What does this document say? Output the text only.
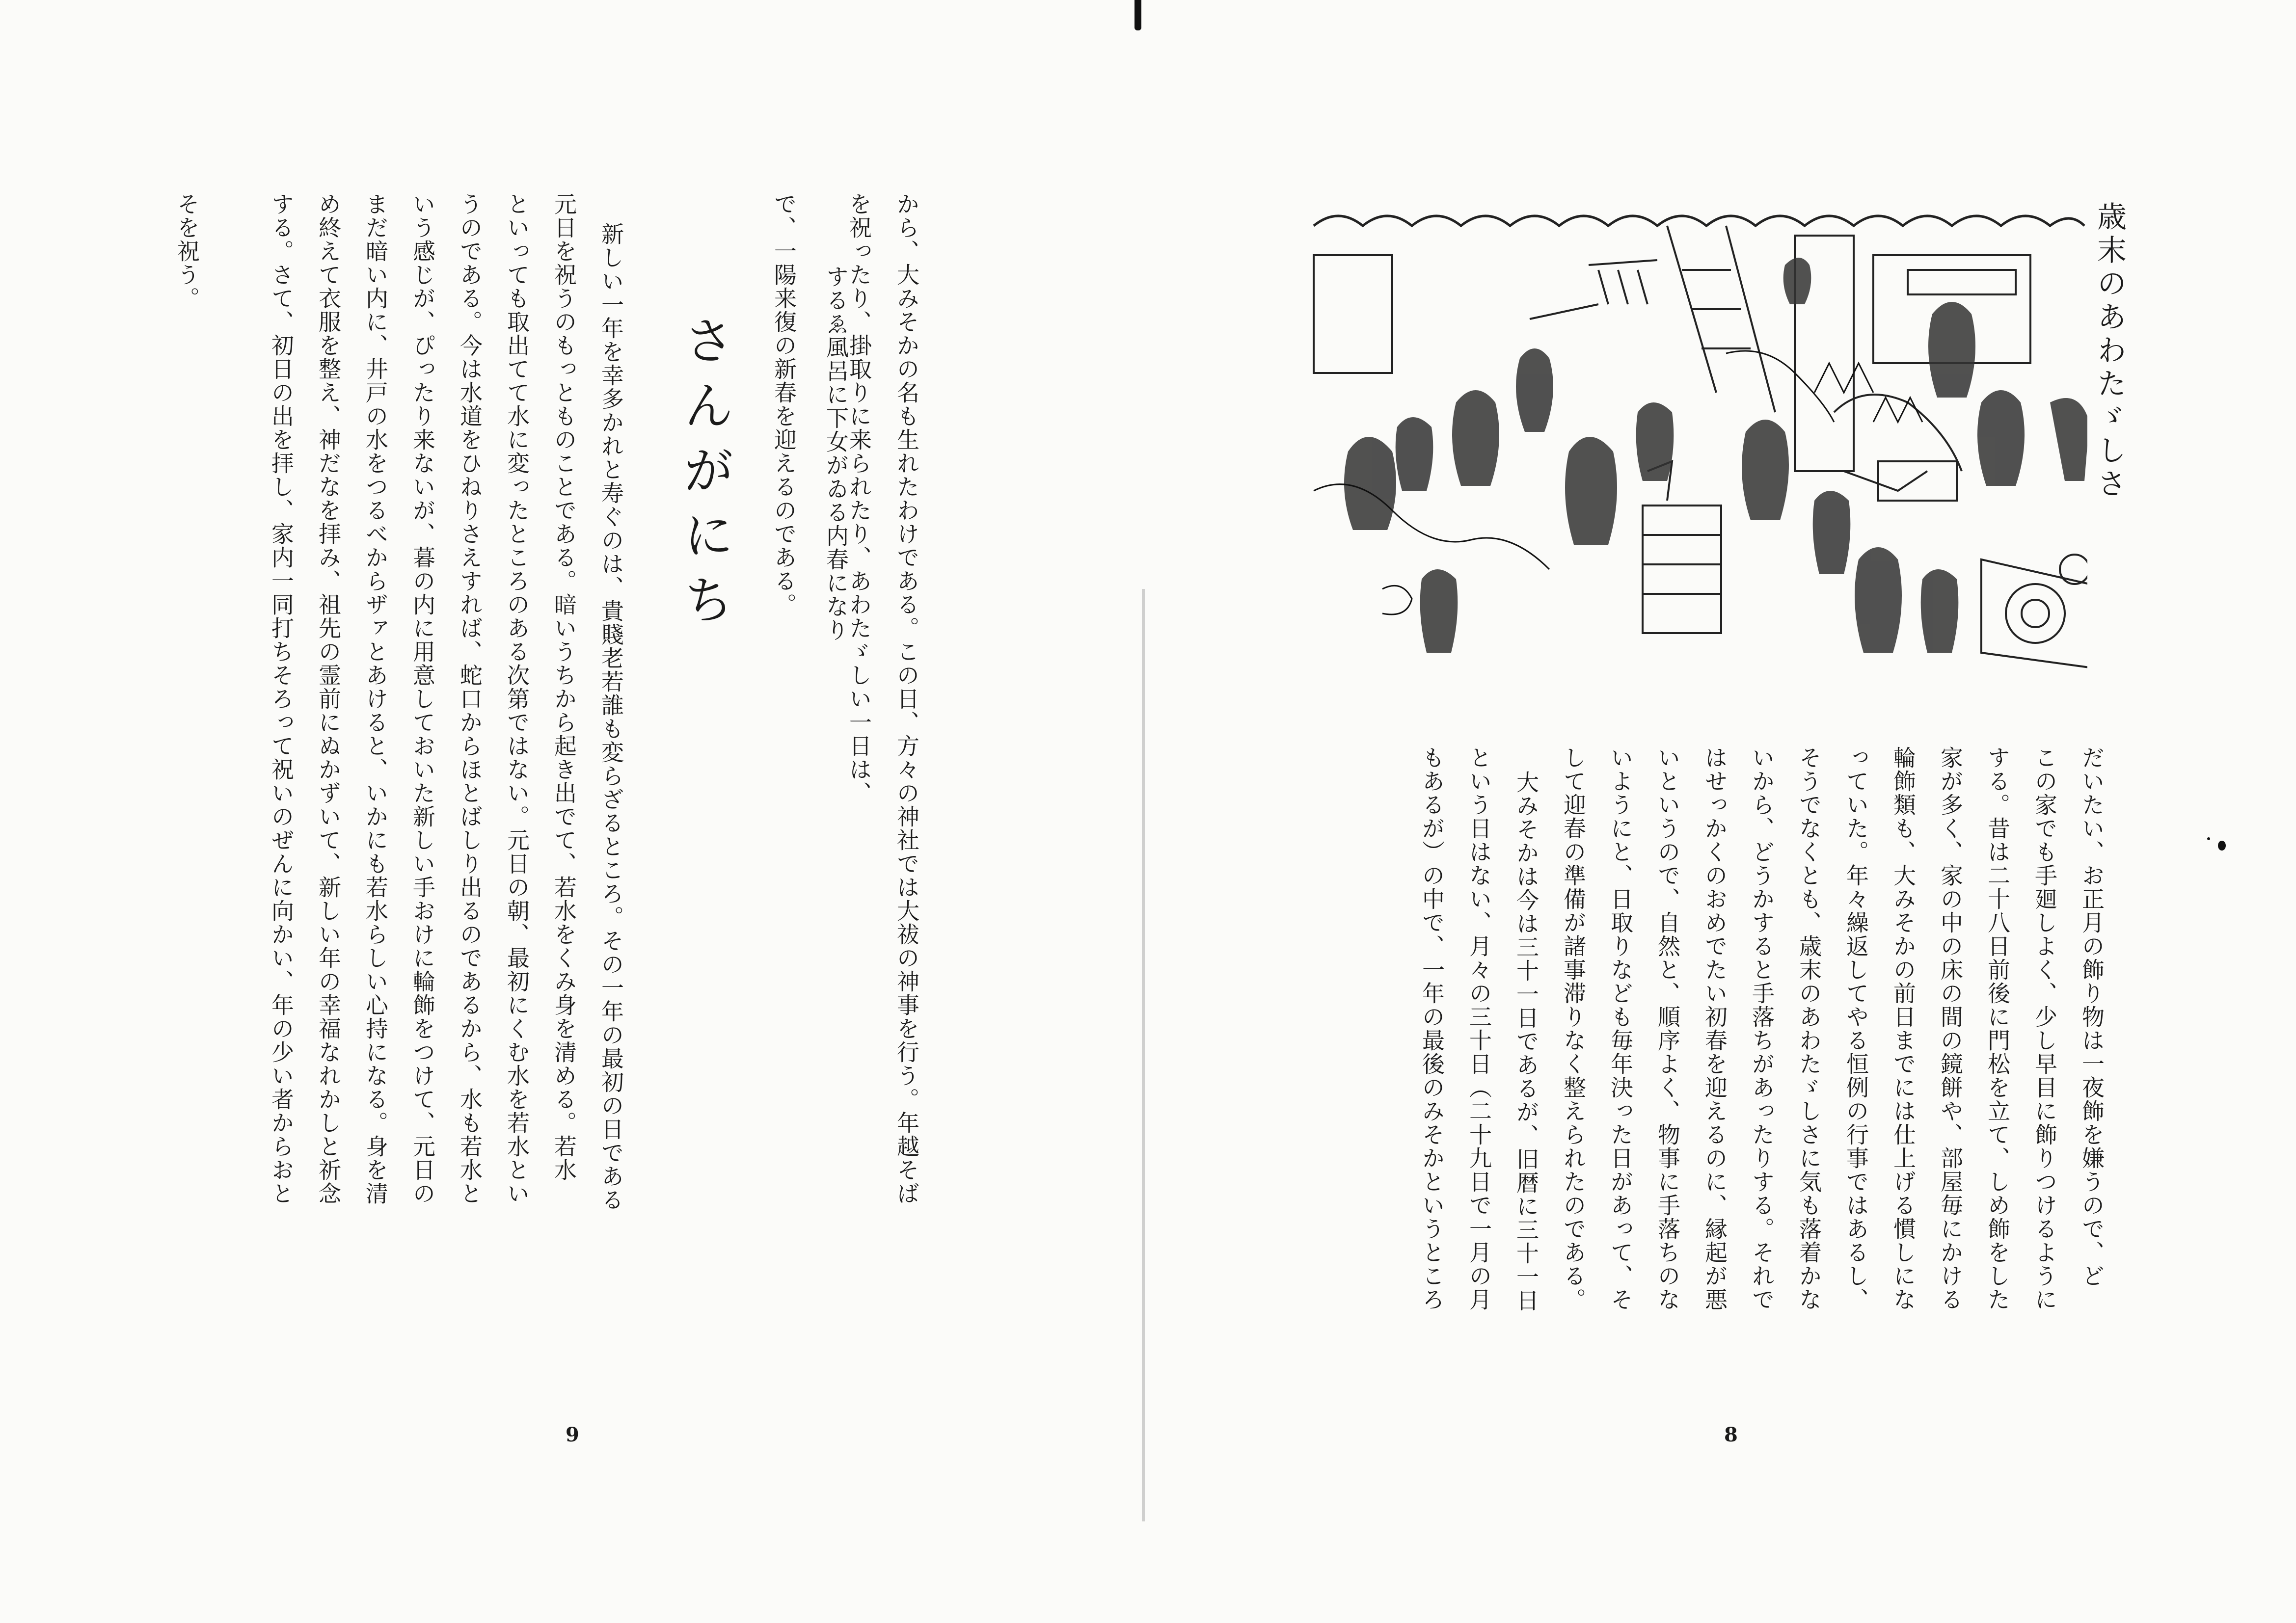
から、大みそかの名も生れたわけである。この日、方々の神社では大祓の神事を行う。年越そば
を祝ったり、掛取りに来られたり、あわたゞしい一日は、
するゑ風呂に下女がゐる内春になり
で、一陽来復の新春を迎えるのである。
さんがにち
新しい一年を幸多かれと寿ぐのは、貴賤老若誰も変らざるところ。その一年の最初の日である
元日を祝うのもっとものことである。暗いうちから起き出でて、若水をくみ身を清める。若水
といっても取出てて水に変ったところのある次第ではない。元日の朝、最初にくむ水を若水とい
うのである。今は水道をひねりさえすれば、蛇口からほとばしり出るのであるから、水も若水と
いう感じが、ぴったり来ないが、暮の内に用意しておいた新しい手おけに輪飾をつけて、元日の
まだ暗い内に、井戸の水をつるべからザァとあけると、いかにも若水らしい心持になる。身を清
め終えて衣服を整え、神だなを拝み、祖先の霊前にぬかずいて、新しい年の幸福なれかしと祈念
する。さて、初日の出を拝し、家内一同打ちそろって祝いのぜんに向かい、年の少い者からおと
そを祝う。
9
歳末のあわたゞしさ
だいたい、お正月の飾り物は一夜飾を嫌うので、ど
この家でも手廻しよく、少し早目に飾りつけるように
する。昔は二十八日前後に門松を立て、しめ飾をした
家が多く、家の中の床の間の鏡餅や、部屋毎にかける
輪飾類も、大みそかの前日までには仕上げる慣しにな
っていた。年々繰返してやる恒例の行事ではあるし、
そうでなくとも、歳末のあわたゞしさに気も落着かな
いから、どうかすると手落ちがあったりする。それで
はせっかくのおめでたい初春を迎えるのに、縁起が悪
いというので、自然と、順序よく、物事に手落ちのな
いようにと、日取りなども毎年決った日があって、そ
して迎春の準備が諸事滞りなく整えられたのである。
大みそかは今は三十一日であるが、旧暦に三十一日
という日はない、月々の三十日（二十九日で一月の月
もあるが）の中で、一年の最後のみそかというところ
8
